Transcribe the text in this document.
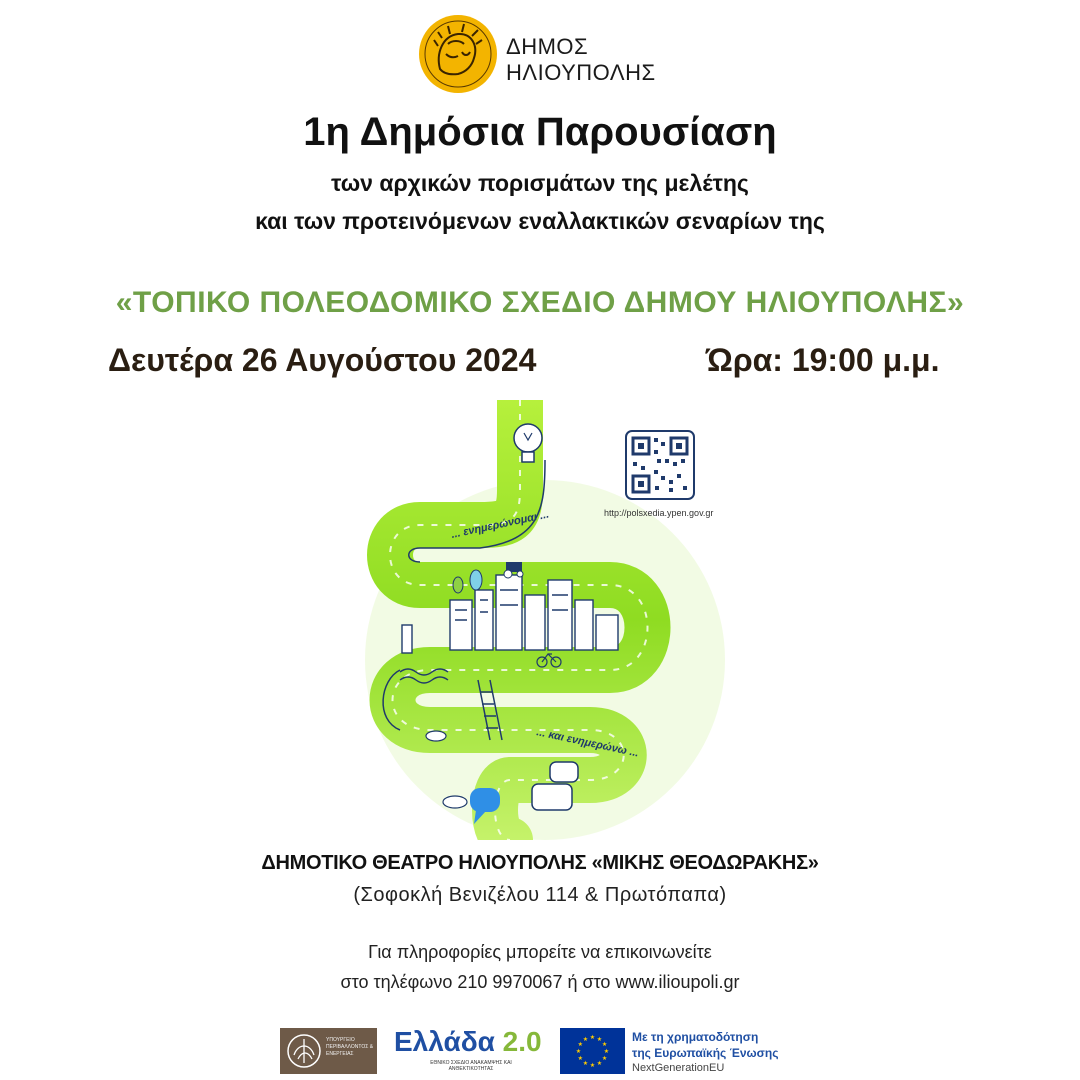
ΔΗΜΟΣ
ΗΛΙΟΥΠΟΛΗΣ
1η Δημόσια Παρουσίαση
των αρχικών πορισμάτων της μελέτης
και των προτεινόμενων εναλλακτικών σεναρίων της
«ΤΟΠΙΚΟ ΠΟΛΕΟΔΟΜΙΚΟ ΣΧΕΔΙΟ ΔΗΜΟΥ ΗΛΙΟΥΠΟΛΗΣ»
Δευτέρα 26 Αυγούστου 2024	Ώρα: 19:00 μ.μ.
... ενημερώνομαι ...
... και ενημερώνω ...
http://polsxedia.ypen.gov.gr
ΔΗΜΟΤΙΚΟ ΘΕΑΤΡΟ ΗΛΙΟΥΠΟΛΗΣ «ΜΙΚΗΣ ΘΕΟΔΩΡΑΚΗΣ»
(Σοφοκλή Βενιζέλου 114 & Πρωτόπαπα)
Για πληροφορίες μπορείτε να επικοινωνείτε
στο τηλέφωνο 210 9970067 ή στο www.ilioupoli.gr
ΥΠΟΥΡΓΕΙΟ ΠΕΡΙΒΑΛΛΟΝΤΟΣ & ΕΝΕΡΓΕΙΑΣ	Ελλάδα 2.0
ΕΘΝΙΚΟ ΣΧΕΔΙΟ ΑΝΑΚΑΜΨΗΣ ΚΑΙ ΑΝΘΕΚΤΙΚΟΤΗΤΑΣ
★
★
★
★
★
★
★
★
★ ★ ★
★
Με τη χρηματοδότηση
της Ευρωπαϊκής Ένωσης
NextGenerationEU
